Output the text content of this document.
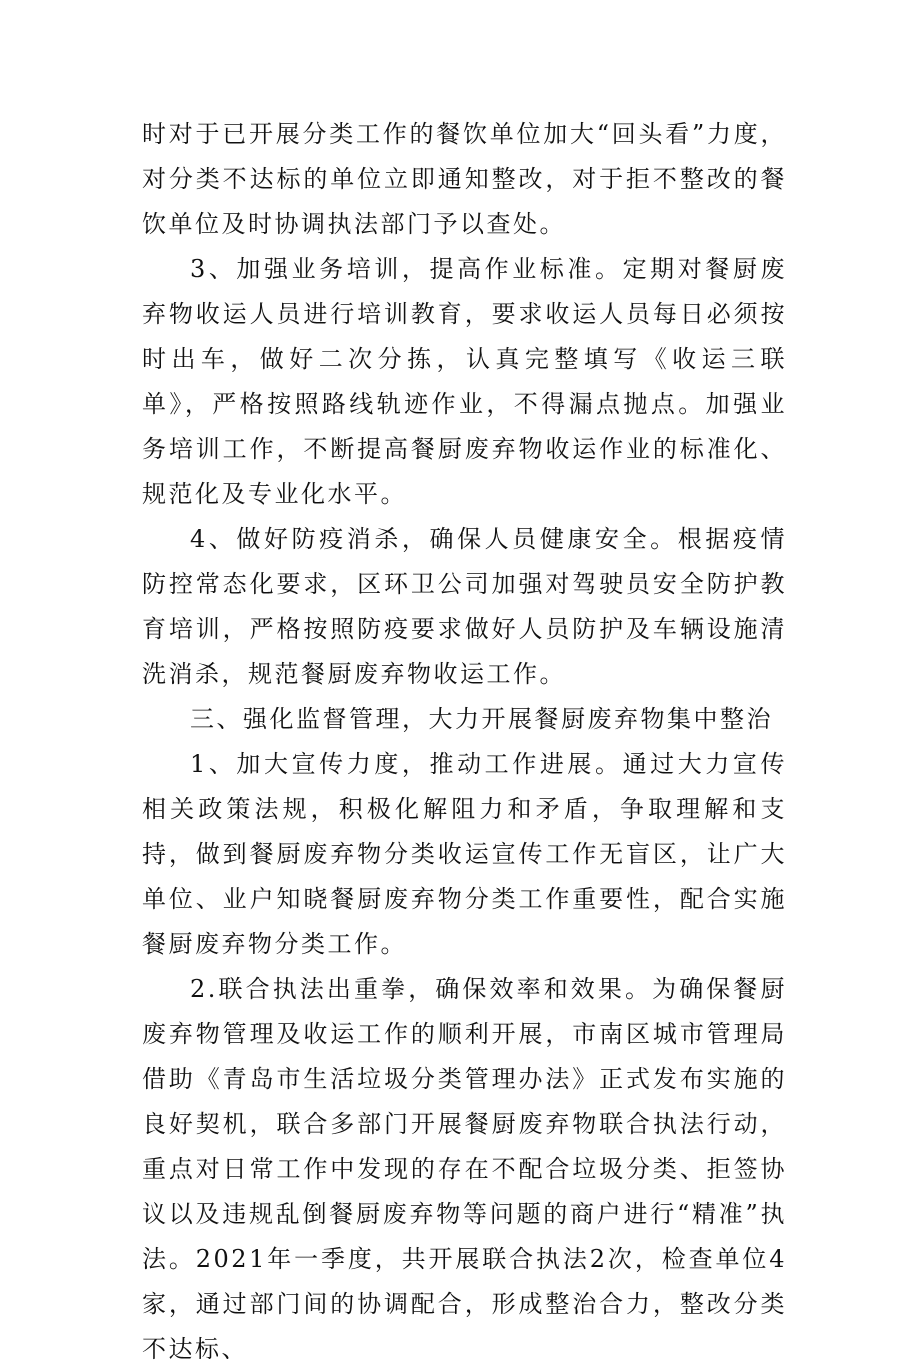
时对于已开展分类工作的餐饮单位加大“回头看”力度，对分类不达标的单位立即通知整改，对于拒不整改的餐饮单位及时协调执法部门予以查处。

3、加强业务培训，提高作业标准。定期对餐厨废弃物收运人员进行培训教育，要求收运人员每日必须按时出车，做好二次分拣，认真完整填写《收运三联单》，严格按照路线轨迹作业，不得漏点抛点。加强业务培训工作，不断提高餐厨废弃物收运作业的标准化、规范化及专业化水平。

4、做好防疫消杀，确保人员健康安全。根据疫情防控常态化要求，区环卫公司加强对驾驶员安全防护教育培训，严格按照防疫要求做好人员防护及车辆设施清洗消杀，规范餐厨废弃物收运工作。

三、强化监督管理，大力开展餐厨废弃物集中整治

1、加大宣传力度，推动工作进展。通过大力宣传相关政策法规，积极化解阻力和矛盾，争取理解和支持，做到餐厨废弃物分类收运宣传工作无盲区，让广大单位、业户知晓餐厨废弃物分类工作重要性，配合实施餐厨废弃物分类工作。

2.联合执法出重拳，确保效率和效果。为确保餐厨废弃物管理及收运工作的顺利开展，市南区城市管理局借助《青岛市生活垃圾分类管理办法》正式发布实施的良好契机，联合多部门开展餐厨废弃物联合执法行动，重点对日常工作中发现的存在不配合垃圾分类、拒签协议以及违规乱倒餐厨废弃物等问题的商户进行“精准”执法。2021年一季度，共开展联合执法2次，检查单位4家，通过部门间的协调配合，形成整治合力，整改分类不达标、
